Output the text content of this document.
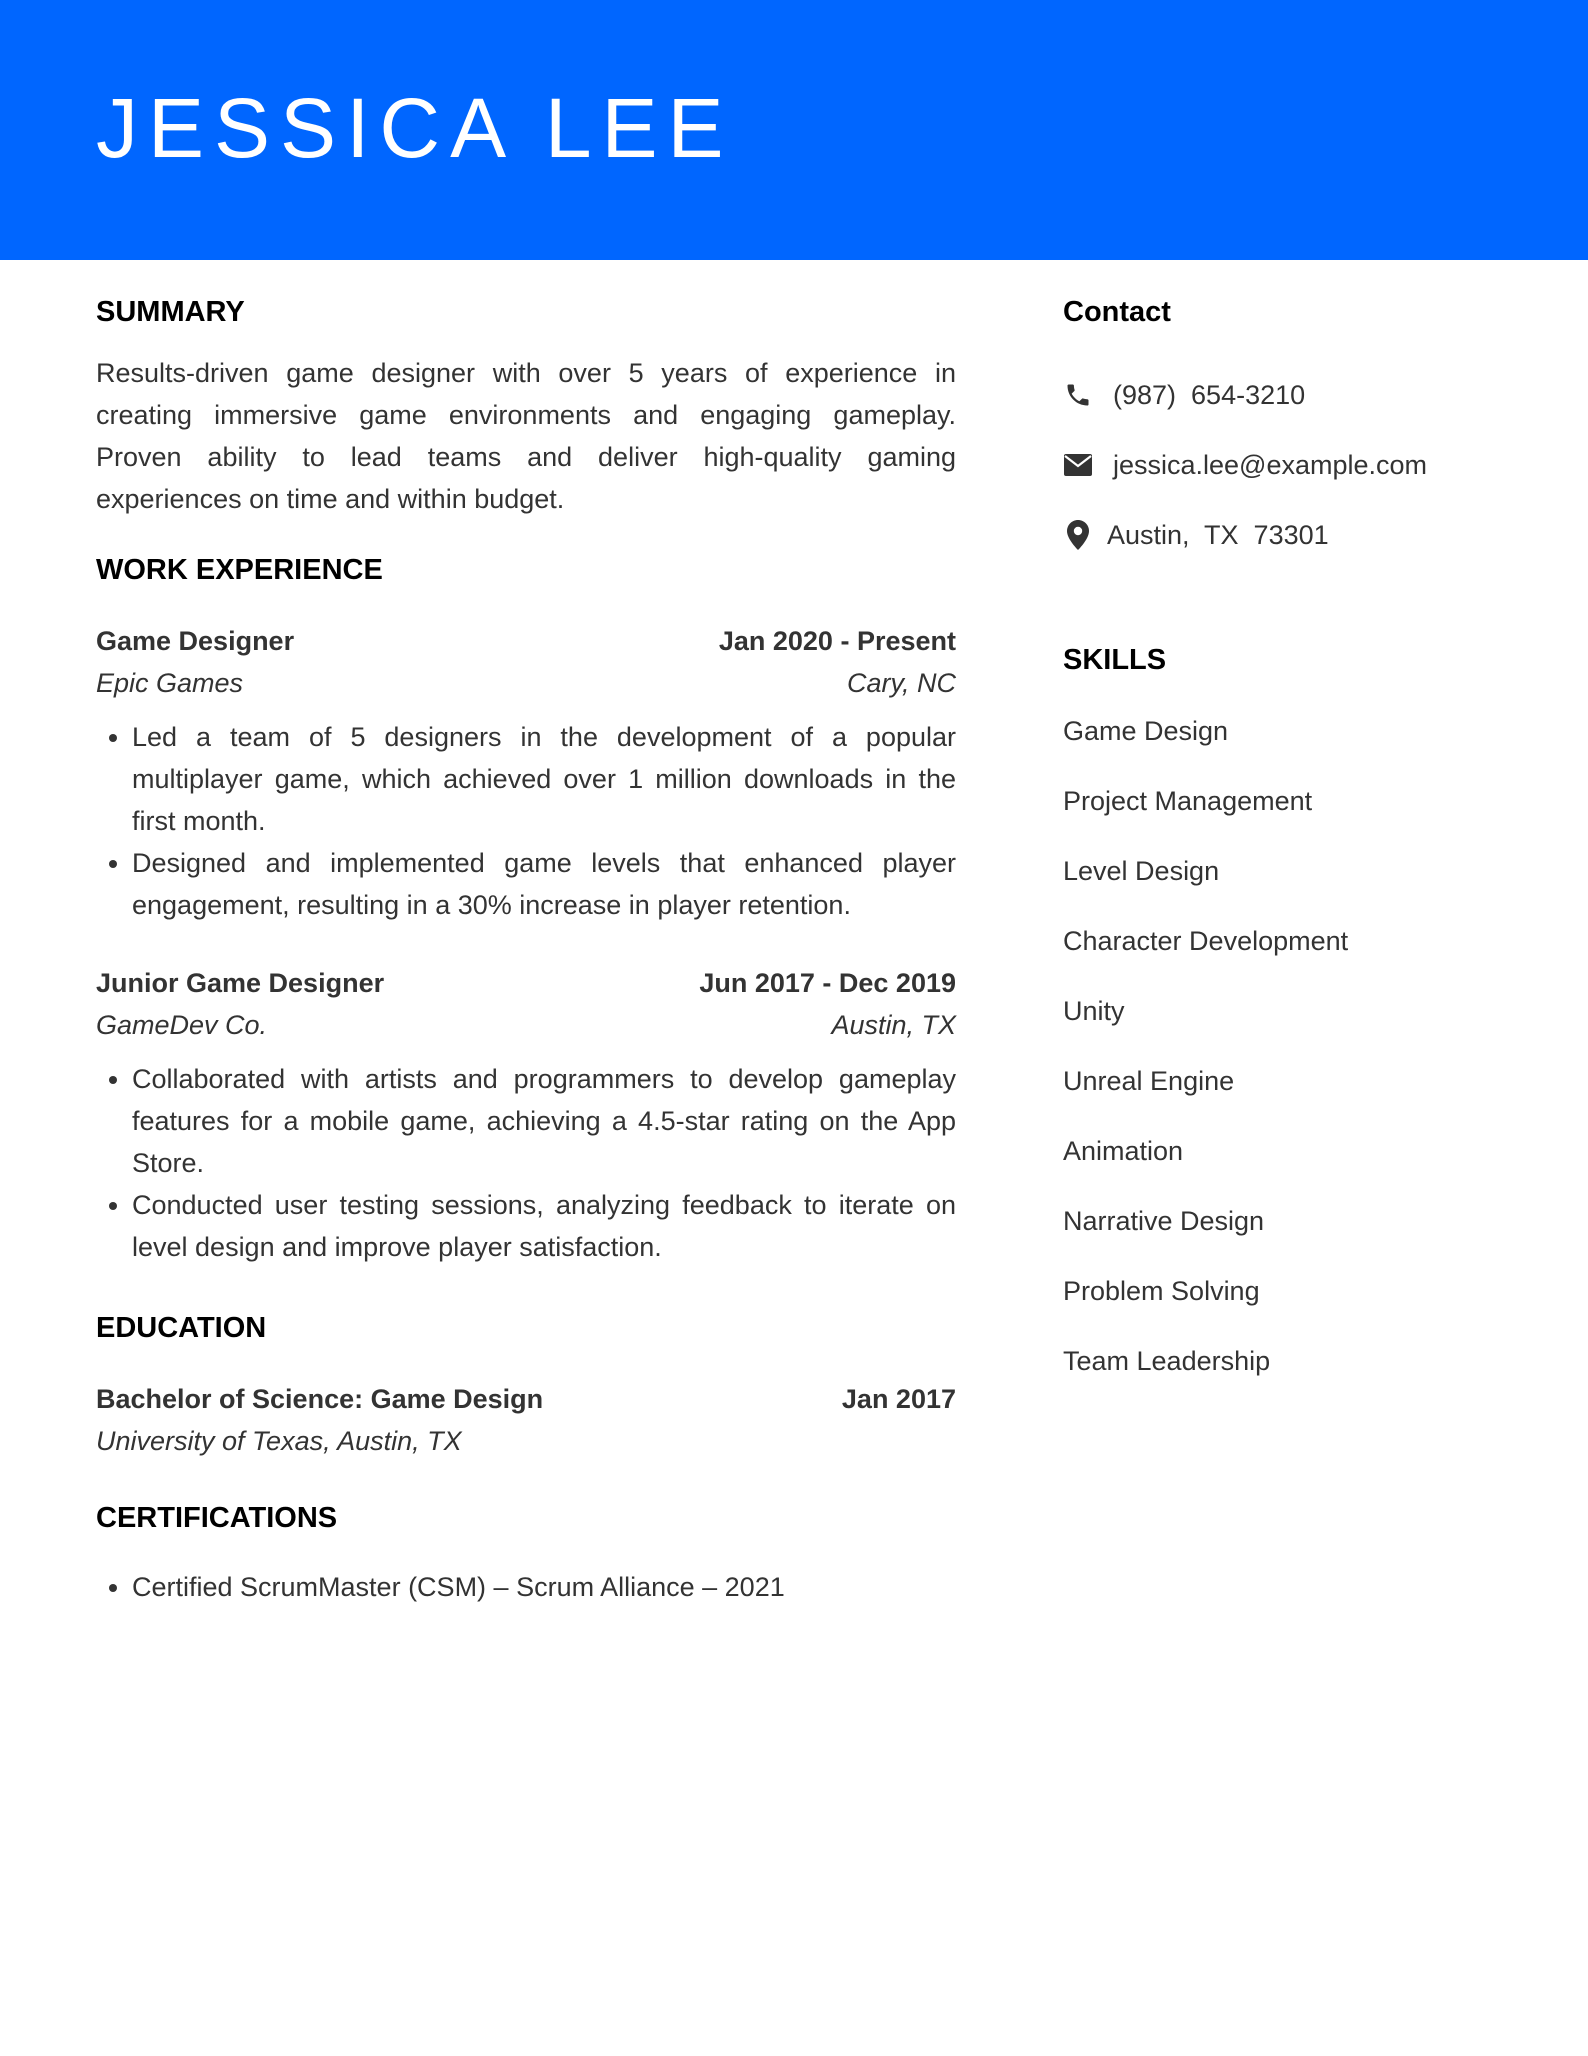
JESSICA LEE
SUMMARY

Results-driven game designer with over 5 years of experience in creating immersive game environments and engaging gameplay. Proven ability to lead teams and deliver high-quality gaming experiences on time and within budget.

WORK EXPERIENCE
Game Designer	Jan 2020 - Present
Epic Games	Cary, NC
• Led a team of 5 designers in the development of a popular multiplayer game, which achieved over 1 million downloads in the first month.
• Designed and implemented game levels that enhanced player engagement, resulting in a 30% increase in player retention.
Junior Game Designer	Jun 2017 - Dec 2019
GameDev Co.	Austin, TX
• Collaborated with artists and programmers to develop gameplay features for a mobile game, achieving a 4.5-star rating on the App Store.
• Conducted user testing sessions, analyzing feedback to iterate on level design and improve player satisfaction.
EDUCATION
Bachelor of Science: Game Design	Jan 2017
University of Texas, Austin, TX
CERTIFICATIONS
• Certified ScrumMaster (CSM) – Scrum Alliance – 2021
Contact
(987)  654-3210
jessica.lee@example.com
Austin,  TX  73301
SKILLS
Game Design
Project Management
Level Design
Character Development
Unity
Unreal Engine
Animation
Narrative Design
Problem Solving
Team Leadership
